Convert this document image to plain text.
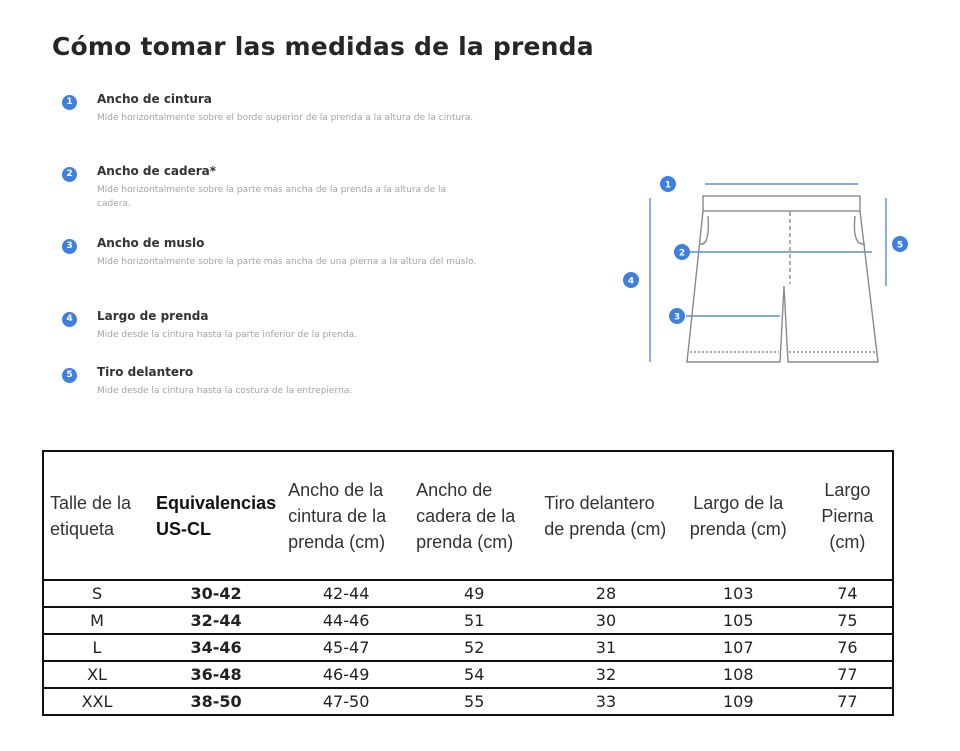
Cómo tomar las medidas de la prenda
1	Ancho de cintura
Mide horizontalmente sobre el borde superior de la prenda a la altura de la cintura.
2	Ancho de cadera*
Mide horizontalmente sobre la parte más ancha de la prenda a la altura de la cadera.
3	Ancho de muslo
Mide horizontalmente sobre la parte más ancha de una pierna a la altura del muslo.
4	Largo de prenda
Mide desde la cintura hasta la parte inferior de la prenda.
5	Tiro delantero
Mide desde la cintura hasta la costura de la entrepierna.
1
2
3
4
5
Talle de la etiqueta	Equivalencias US-CL	Ancho de la cintura de la prenda (cm)	Ancho de cadera de la prenda (cm)	Tiro delantero de prenda (cm)	Largo de la prenda (cm)	Largo Pierna (cm)
S	30-42	42-44	49	28	103	74
M	32-44	44-46	51	30	105	75
L	34-46	45-47	52	31	107	76
XL	36-48	46-49	54	32	108	77
XXL	38-50	47-50	55	33	109	77
